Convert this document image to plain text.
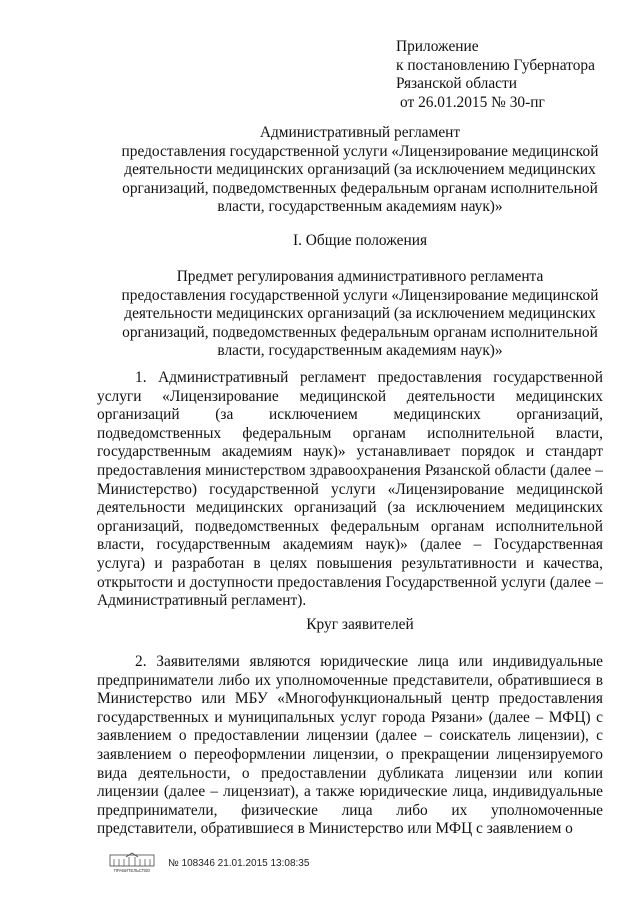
Приложение
к постановлению Губернатора
Рязанской области
от 26.01.2015 № 30-пг
Административный регламент
предоставления государственной услуги «Лицензирование медицинской
деятельности медицинских организаций (за исключением медицинских
организаций, подведомственных федеральным органам исполнительной
власти, государственным академиям наук)»
I. Общие положения
Предмет регулирования административного регламента
предоставления государственной услуги «Лицензирование медицинской
деятельности медицинских организаций (за исключением медицинских
организаций, подведомственных федеральным органам исполнительной
власти, государственным академиям наук)»

1. Административный регламент предоставления государственной услуги «Лицензирование медицинской деятельности медицинских организаций (за исключением медицинских организаций, подведомственных федеральным органам исполнительной власти, государственным академиям наук)» устанавливает порядок и стандарт предоставления министерством здравоохранения Рязанской области (далее – Министерство) государственной услуги «Лицензирование медицинской деятельности медицинских организаций (за исключением медицинских организаций, подведомственных федеральным органам исполнительной власти, государственным академиям наук)» (далее – Государственная услуга) и разработан в целях повышения результативности и качества, открытости и доступности предоставления Государственной услуги (далее – Административный регламент).

Круг заявителей

2. Заявителями являются юридические лица или индивидуальные предприниматели либо их уполномоченные представители, обратившиеся в Министерство или МБУ «Многофункциональный центр предоставления государственных и муниципальных услуг города Рязани» (далее – МФЦ) с заявлением о предоставлении лицензии (далее – соискатель лицензии), с заявлением о переоформлении лицензии, о прекращении лицензируемого вида деятельности, о предоставлении дубликата лицензии или копии лицензии (далее – лицензиат), а также юридические лица, индивидуальные предприниматели, физические лица либо их уполномоченные представители, обратившиеся в Министерство или МФЦ с заявлением о

ПРАВИТЕЛЬСТВО
№ 108346 21.01.2015 13:08:35
